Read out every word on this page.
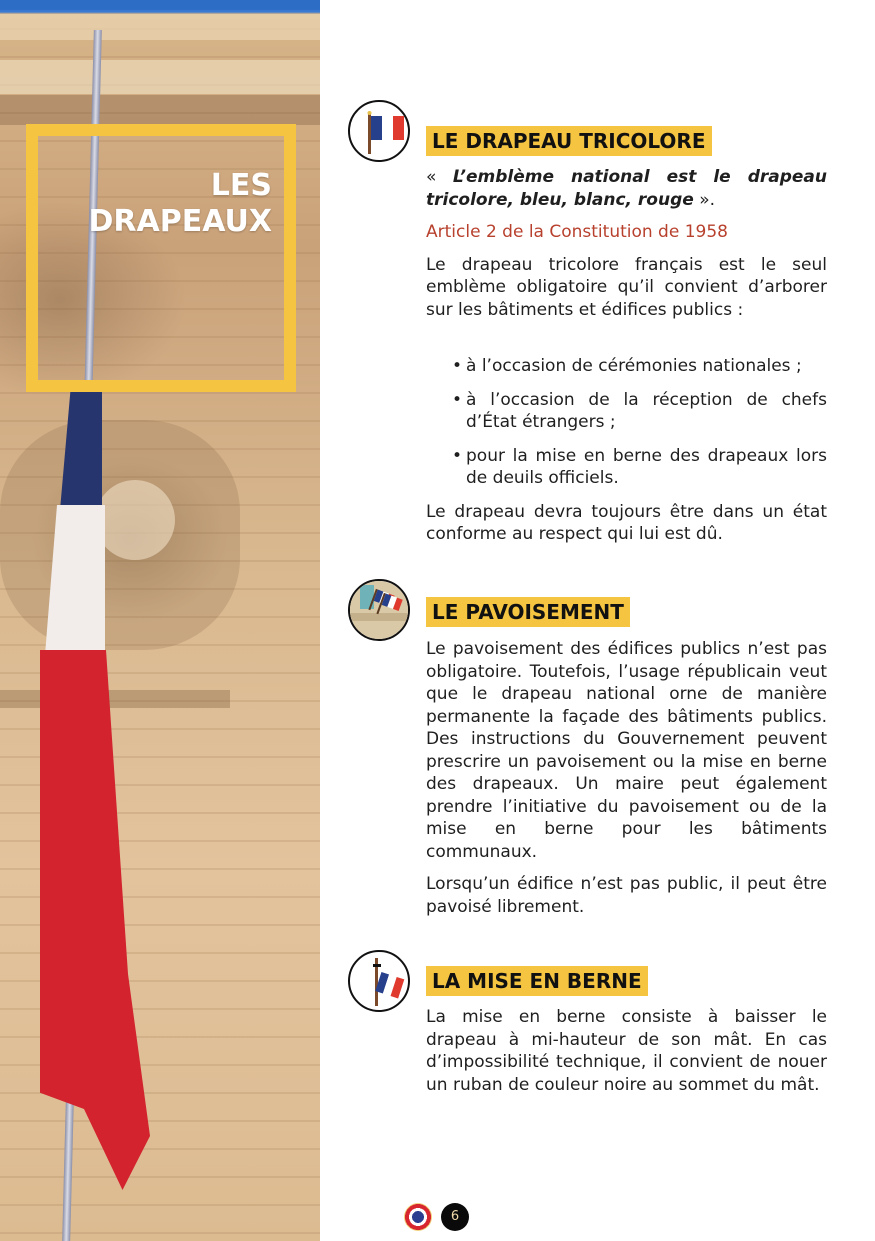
LES
DRAPEAUX
LE DRAPEAU TRICOLORE

« L’emblème national est le drapeau tricolore, bleu, blanc, rouge ».

Article 2 de la Constitution de 1958

Le drapeau tricolore français est le seul emblème obligatoire qu’il convient d’arborer sur les bâtiments et édifices publics :

• à l’occasion de cérémonies nationales ;
• à l’occasion de la réception de chefs d’État étrangers ;
• pour la mise en berne des drapeaux lors de deuils officiels.

Le drapeau devra toujours être dans un état conforme au respect qui lui est dû.

LE PAVOISEMENT

Le pavoisement des édifices publics n’est pas obligatoire. Toutefois, l’usage républicain veut que le drapeau national orne de manière permanente la façade des bâtiments publics. Des instructions du Gouvernement peuvent prescrire un pavoisement ou la mise en berne des drapeaux. Un maire peut également prendre l’initiative du pavoisement ou de la mise en berne pour les bâtiments communaux.

Lorsqu’un édifice n’est pas public, il peut être pavoisé librement.

LA MISE EN BERNE

La mise en berne consiste à baisser le drapeau à mi-hauteur de son mât. En cas d’impossibilité technique, il convient de nouer un ruban de couleur noire au sommet du mât.

6
